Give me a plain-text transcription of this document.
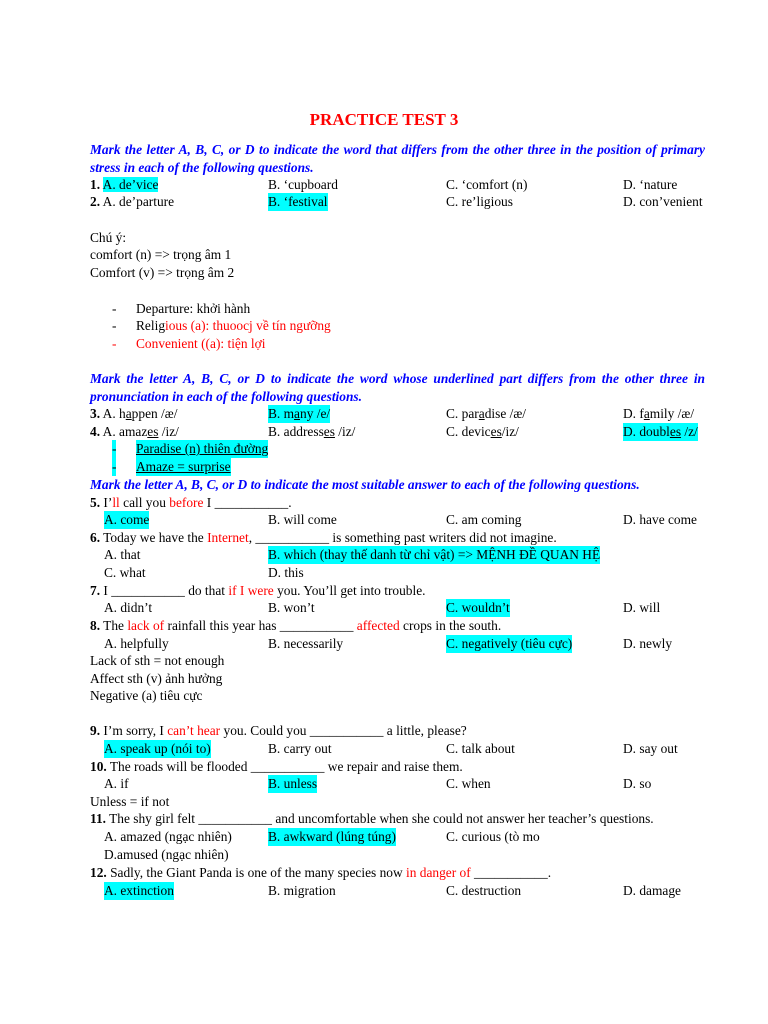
PRACTICE TEST 3
Mark the letter A, B, C, or D to indicate the word that differs from the other three in the position of primary stress in each of the following questions.
1. A. de’vice	B. ‘cupboard	C. ‘comfort (n)	D. ‘nature
2. A. de’parture	B. ‘festival	C. re’ligious	D. con’venient
Chú ý:
comfort (n) => trọng âm 1
Comfort (v) => trọng âm 2
- Departure: khởi hành
- Religious (a): thuoocj về tín ngưỡng
- Convenient ((a): tiện lợi
Mark the letter A, B, C, or D to indicate the word whose underlined part differs from the other three in pronunciation in each of the following questions.
3. A. happen /æ/	B. many /e/	C. paradise /æ/	D. family /æ/
4. A. amazes /iz/	B. addresses /iz/	C. devices/iz/	D. doubles /z/
- Paradise (n) thiên đường
- Amaze = surprise
Mark the letter A, B, C, or D to indicate the most suitable answer to each of the following questions.
5. I’ll call you before I ___________.
A. come	B. will come	C. am coming	D. have come
6. Today we have the Internet, ___________ is something past writers did not imagine.
A. that	B. which (thay thế danh từ chỉ vật) => MỆNH ĐỀ QUAN HỆ
C. what	D. this
7. I ___________ do that if I were you. You’ll get into trouble.
A. didn’t	B. won’t	C. wouldn’t	D. will
8. The lack of rainfall this year has ___________ affected crops in the south.
A. helpfully	B. necessarily	C. negatively (tiêu cực)	D. newly
Lack of sth = not enough
Affect sth (v) ảnh hưởng
Negative (a) tiêu cực
9. I’m sorry, I can’t hear you. Could you ___________ a little, please?
A. speak up (nói to)	B. carry out	C. talk about	D. say out
10. The roads will be flooded ___________ we repair and raise them.
A. if	B. unless	C. when	D. so
Unless = if not
11. The shy girl felt ___________ and uncomfortable when she could not answer her teacher’s questions.
A. amazed (ngạc nhiên)	B. awkward (lúng túng)	C. curious (tò mo
D.amused (ngạc nhiên)
12. Sadly, the Giant Panda is one of the many species now in danger of ___________.
A. extinction	B. migration	C. destruction	D. damage
